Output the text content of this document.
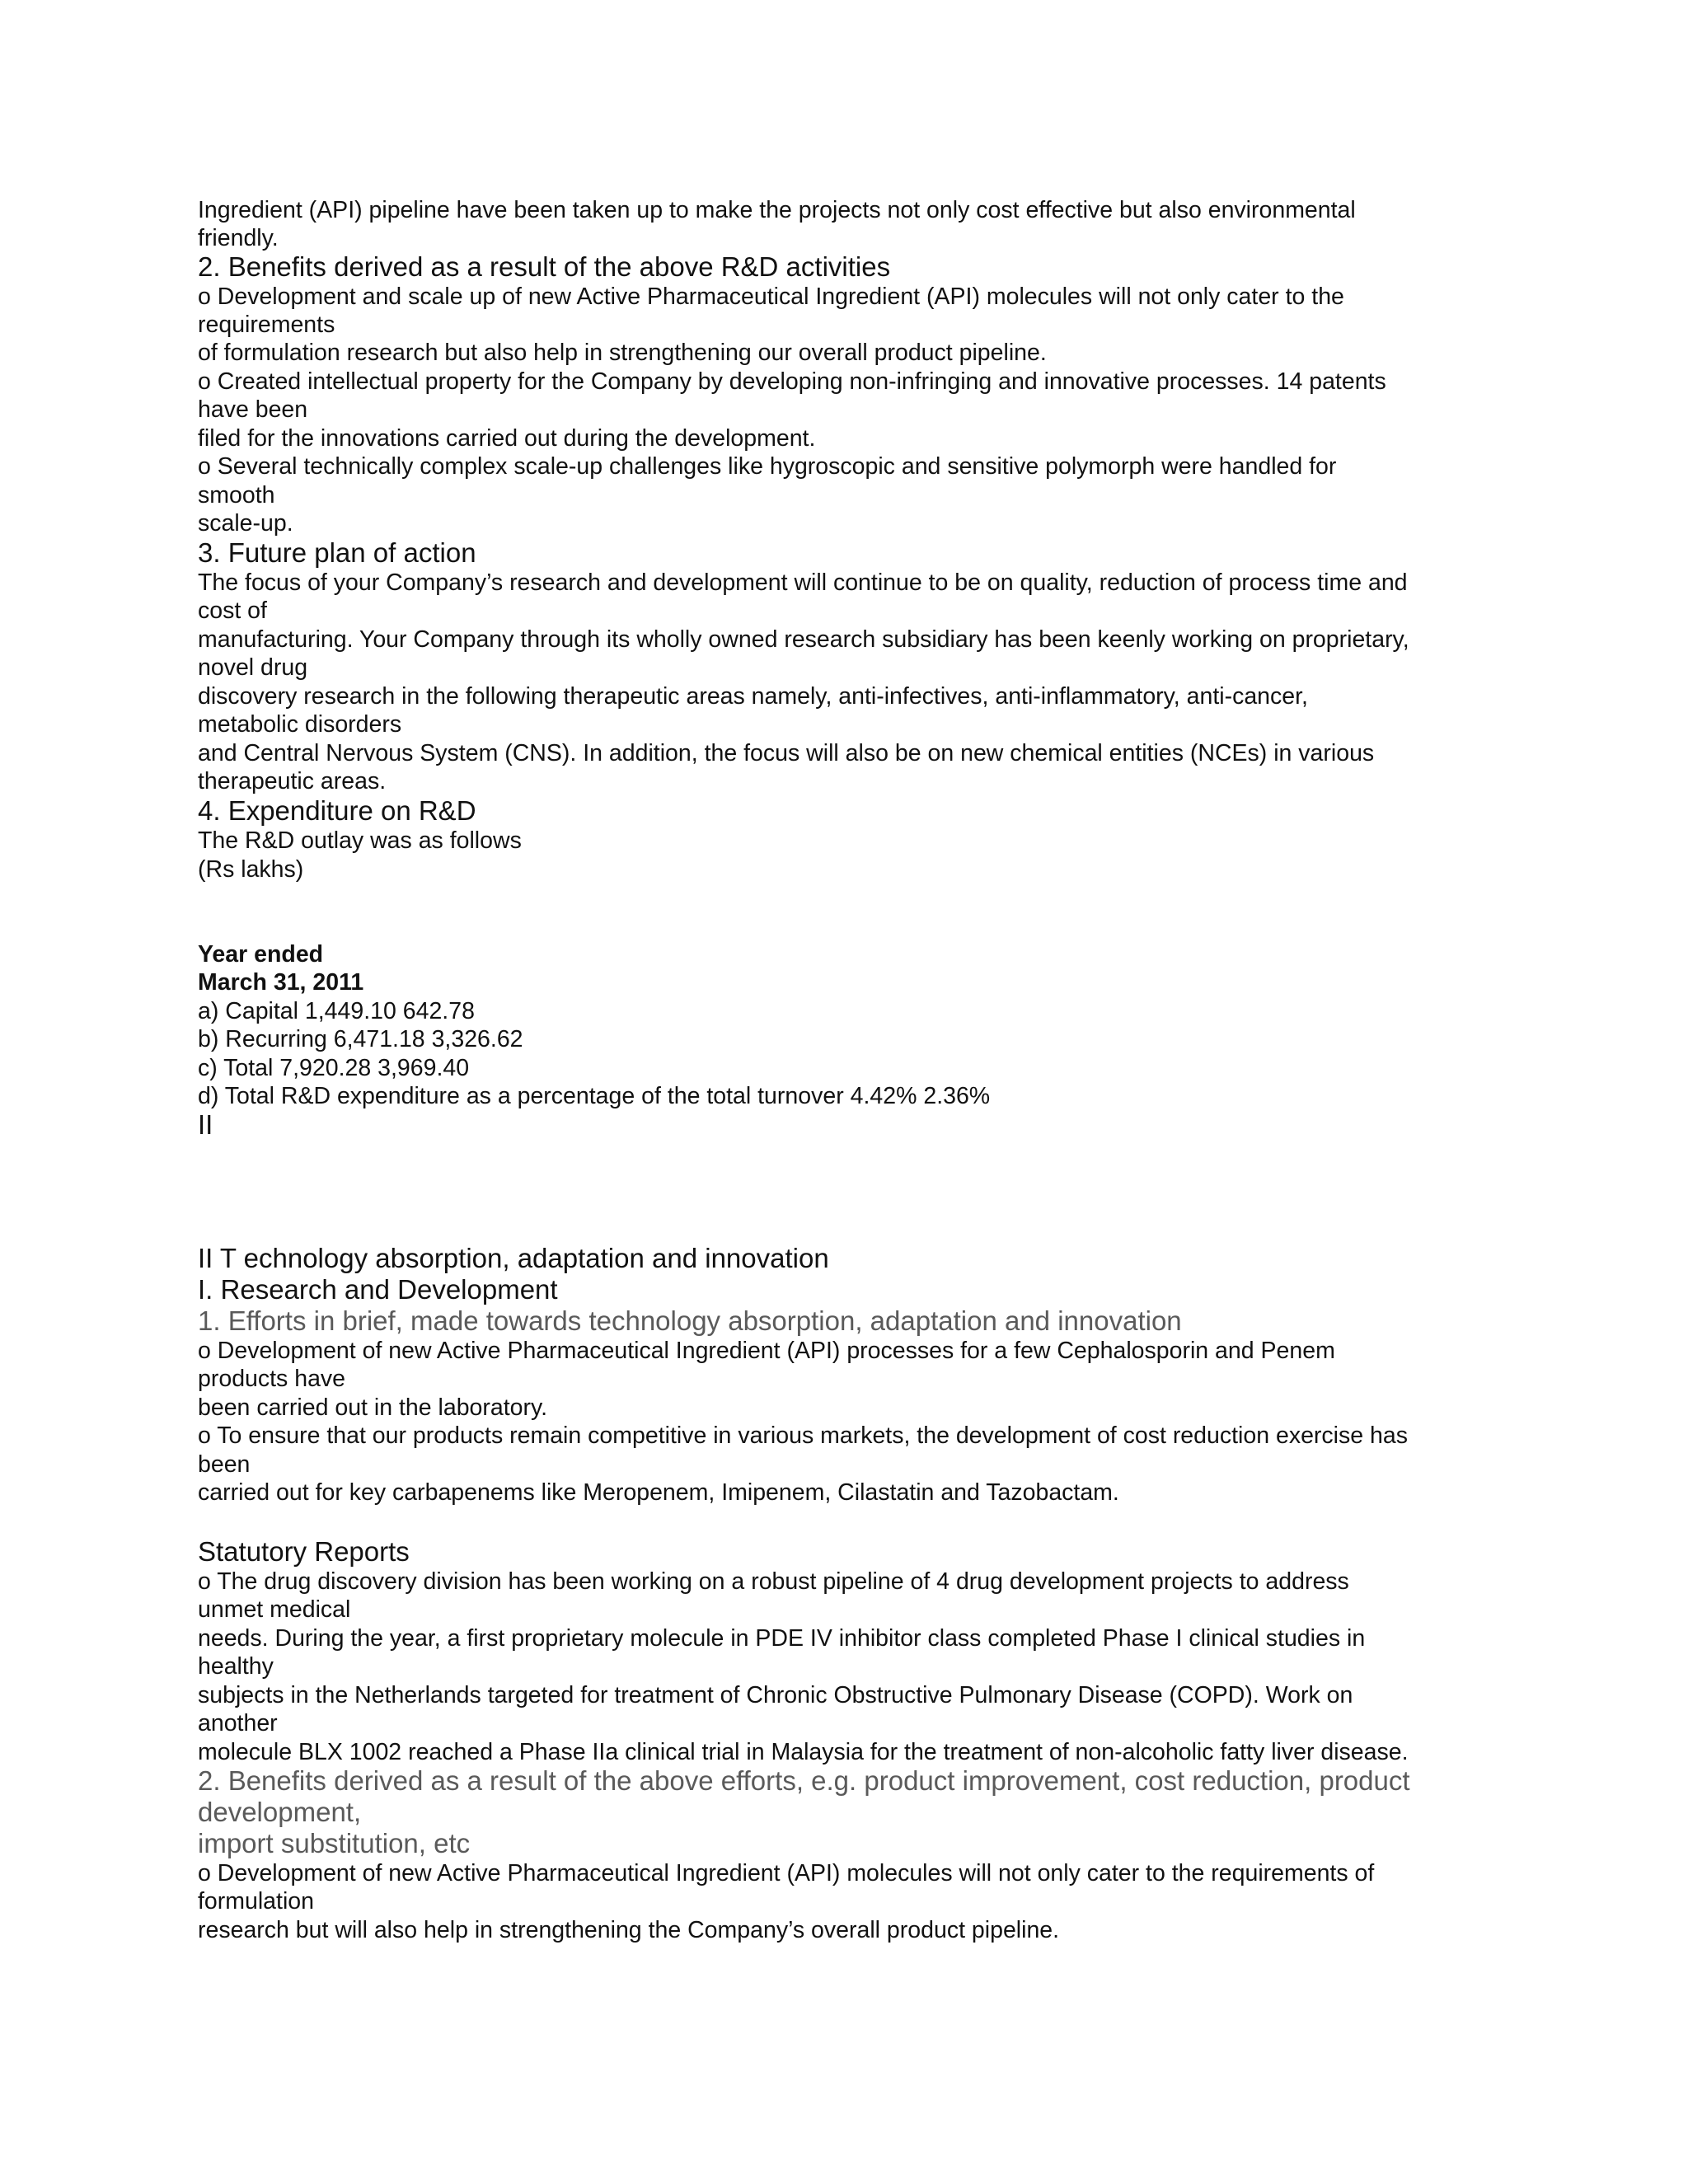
Ingredient (API) pipeline have been taken up to make the projects not only cost effective but also environmental
friendly.
2. Benefits derived as a result of the above R&D activities
o Development and scale up of new Active Pharmaceutical Ingredient (API) molecules will not only cater to the
requirements
of formulation research but also help in strengthening our overall product pipeline.
o Created intellectual property for the Company by developing non-infringing and innovative processes. 14 patents
have been
filed for the innovations carried out during the development.
o Several technically complex scale-up challenges like hygroscopic and sensitive polymorph were handled for
smooth
scale-up.
3. Future plan of action
The focus of your Company’s research and development will continue to be on quality, reduction of process time and
cost of
manufacturing. Your Company through its wholly owned research subsidiary has been keenly working on proprietary,
novel drug
discovery research in the following therapeutic areas namely, anti-infectives, anti-inflammatory, anti-cancer,
metabolic disorders
and Central Nervous System (CNS). In addition, the focus will also be on new chemical entities (NCEs) in various
therapeutic areas.
4. Expenditure on R&D
The R&D outlay was as follows
(Rs lakhs)
Year ended
March 31, 2011
a) Capital 1,449.10 642.78
b) Recurring 6,471.18 3,326.62
c) Total 7,920.28 3,969.40
d) Total R&D expenditure as a percentage of the total turnover 4.42% 2.36%
II
II T echnology absorption, adaptation and innovation
I. Research and Development
1. Efforts in brief, made towards technology absorption, adaptation and innovation
o Development of new Active Pharmaceutical Ingredient (API) processes for a few Cephalosporin and Penem
products have
been carried out in the laboratory.
o To ensure that our products remain competitive in various markets, the development of cost reduction exercise has
been
carried out for key carbapenems like Meropenem, Imipenem, Cilastatin and Tazobactam.
Statutory Reports
o The drug discovery division has been working on a robust pipeline of 4 drug development projects to address
unmet medical
needs. During the year, a first proprietary molecule in PDE IV inhibitor class completed Phase I clinical studies in
healthy
subjects in the Netherlands targeted for treatment of Chronic Obstructive Pulmonary Disease (COPD). Work on
another
molecule BLX 1002 reached a Phase IIa clinical trial in Malaysia for the treatment of non-alcoholic fatty liver disease.
2. Benefits derived as a result of the above efforts, e.g. product improvement, cost reduction, product
development,
import substitution, etc
o Development of new Active Pharmaceutical Ingredient (API) molecules will not only cater to the requirements of
formulation
research but will also help in strengthening the Company’s overall product pipeline.
